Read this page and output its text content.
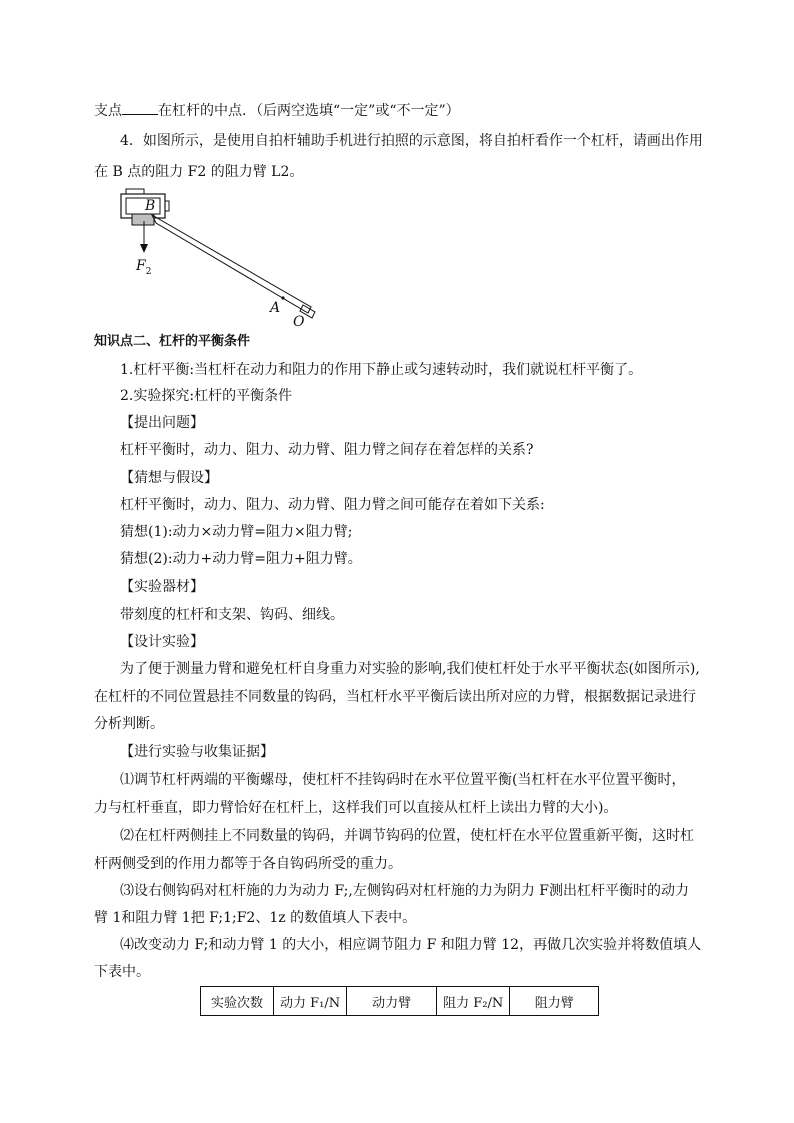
支点	在杠杆的中点．（后两空选填“一定”或“不一定”）
4．如图所示，是使用自拍杆辅助手机进行拍照的示意图，将自拍杆看作一个杠杆，请画出作用
在 B 点的阻力 F2 的阻力臂 L2。
B
$F_2$
A
O
知识点二、杠杆的平衡条件
1.杠杆平衡:当杠杆在动力和阻力的作用下静止或匀速转动时，我们就说杠杆平衡了。
2.实验探究:杠杆的平衡条件
【提出问题】
杠杆平衡时，动力、阻力、动力臂、阻力臂之间存在着怎样的关系?
【猜想与假设】
杠杆平衡时，动力、阻力、动力臂、阻力臂之间可能存在着如下关系:
猜想(1):动力×动力臂=阻力×阻力臂;
猜想(2):动力+动力臂=阻力+阻力臂。
【实验器材】
带刻度的杠杆和支架、钩码、细线。
【设计实验】
为了便于测量力臂和避免杠杆自身重力对实验的影响,我们使杠杆处于水平平衡状态(如图所示),
在杠杆的不同位置悬挂不同数量的钩码，当杠杆水平平衡后读出所对应的力臂，根据数据记录进行
分析判断。
【进行实验与收集证据】
⑴调节杠杆两端的平衡螺母，使杠杆不挂钩码时在水平位置平衡(当杠杆在水平位置平衡时，
力与杠杆垂直，即力臂恰好在杠杆上，这样我们可以直接从杠杆上读出力臂的大小)。
⑵在杠杆两侧挂上不同数量的钩码，并调节钩码的位置，使杠杆在水平位置重新平衡，这时杠
杆两侧受到的作用力都等于各自钩码所受的重力。
⑶设右侧钩码对杠杆施的力为动力 F;,左侧钩码对杠杆施的力为阴力 F测出杠杆平衡时的动力
臂 1和阻力臂 1把 F;1;F2、1z 的数值填人下表中。
⑷改变动力 F;和动力臂 1 的大小，相应调节阻力 F 和阻力臂 12，再做几次实验并将数值填人
下表中。
实验次数	动力 F₁/N	动力臂	阻力 F₂/N	阻力臂
